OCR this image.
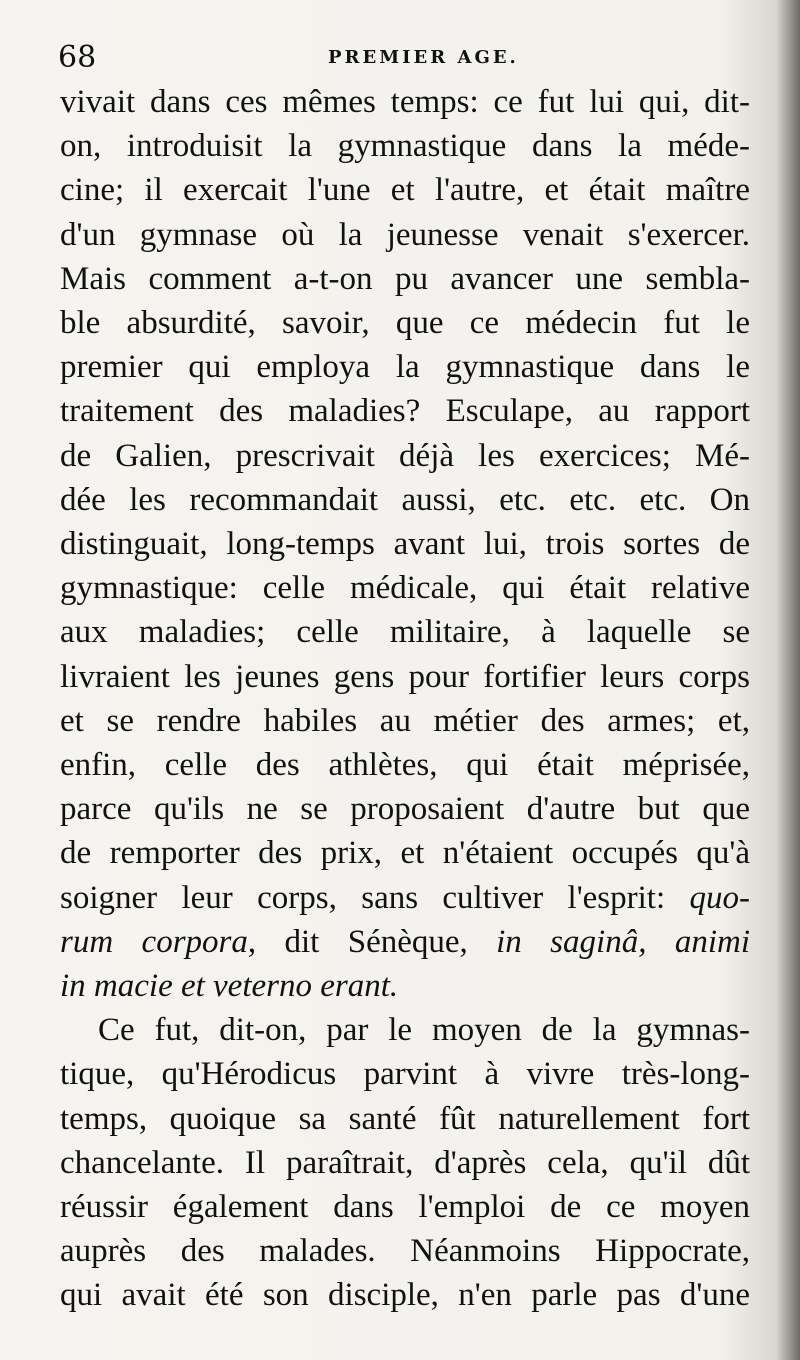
68	PREMIER AGE.
vivait dans ces mêmes temps: ce fut lui qui, dit-
on, introduisit la gymnastique dans la méde-
cine; il exercait l'une et l'autre, et était maître
d'un gymnase où la jeunesse venait s'exercer.
Mais comment a-t-on pu avancer une sembla-
ble absurdité, savoir, que ce médecin fut le
premier qui employa la gymnastique dans le
traitement des maladies? Esculape, au rapport
de Galien, prescrivait déjà les exercices; Mé-
dée les recommandait aussi, etc. etc. etc. On
distinguait, long-temps avant lui, trois sortes de
gymnastique: celle médicale, qui était relative
aux maladies; celle militaire, à laquelle se
livraient les jeunes gens pour fortifier leurs corps
et se rendre habiles au métier des armes; et,
enfin, celle des athlètes, qui était méprisée,
parce qu'ils ne se proposaient d'autre but que
de remporter des prix, et n'étaient occupés qu'à
soigner leur corps, sans cultiver l'esprit: quo-
rum corpora, dit Sénèque, in saginâ, animi
in macie et veterno erant.
Ce fut, dit-on, par le moyen de la gymnas-
tique, qu'Hérodicus parvint à vivre très-long-
temps, quoique sa santé fût naturellement fort
chancelante. Il paraîtrait, d'après cela, qu'il dût
réussir également dans l'emploi de ce moyen
auprès des malades. Néanmoins Hippocrate,
qui avait été son disciple, n'en parle pas d'une
